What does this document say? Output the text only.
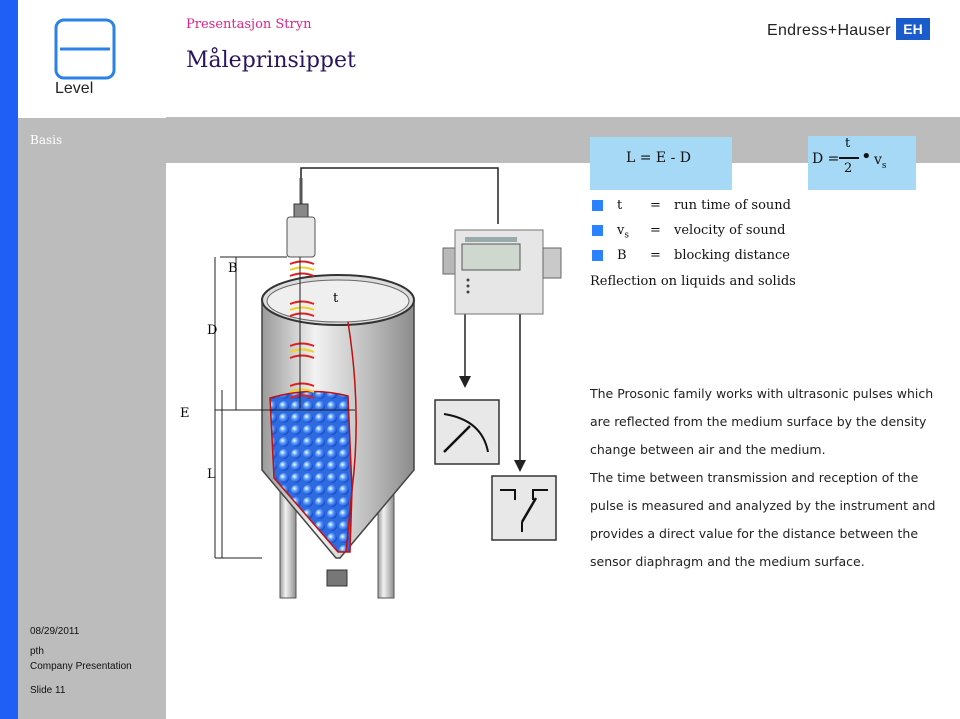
Level
Presentasjon Stryn
Måleprinsippet
Basis
Endress+Hauser EH
L = E - D	D =
t
2
• $v_s$
t = run time of sound
$v_s$ = velocity of sound
B = blocking distance
Reflection on liquids and solids
The Prosonic family works with ultrasonic pulses which
are reflected from the medium surface by the density
change between air and the medium.
The time between transmission and reception of the
pulse is measured and analyzed by the instrument and
provides a direct value for the distance between the
sensor diaphragm and the medium surface.
B
t
D
E
L
08/29/2011
pth
Company Presentation
Slide 11
